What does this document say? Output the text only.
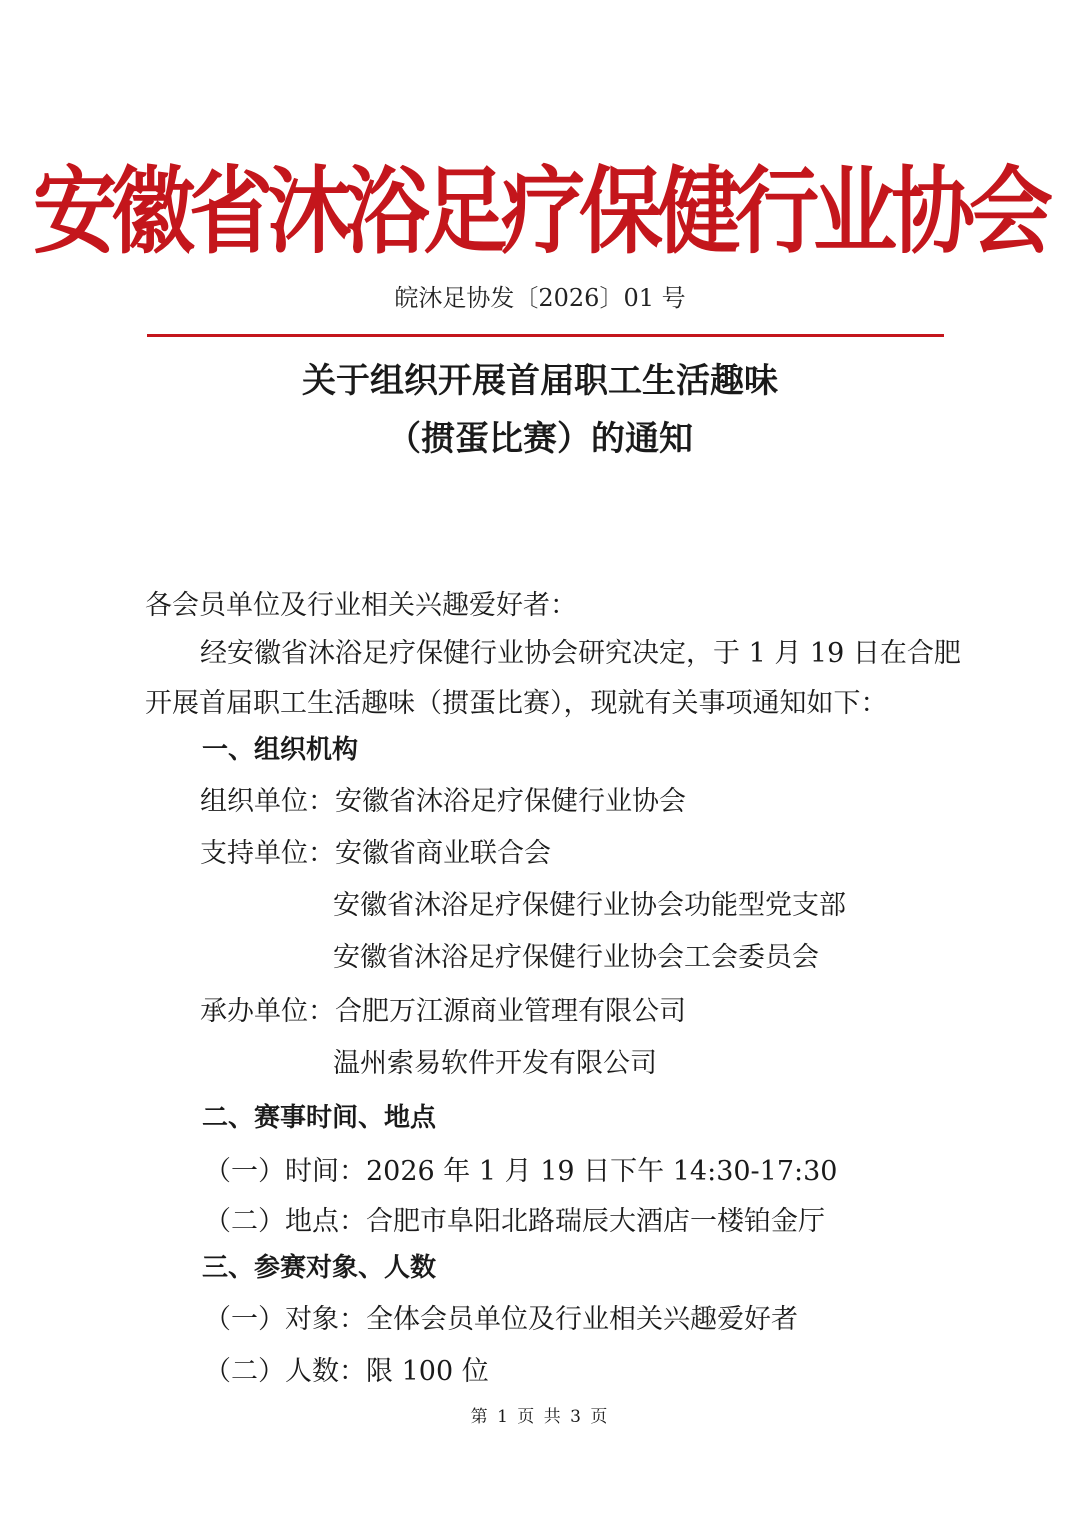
安徽省沐浴足疗保健行业协会
皖沐足协发〔2026〕01 号
关于组织开展首届职工生活趣味
（掼蛋比赛）的通知
各会员单位及行业相关兴趣爱好者：
经安徽省沐浴足疗保健行业协会研究决定，于 1 月 19 日在合肥
开展首届职工生活趣味（掼蛋比赛），现就有关事项通知如下：
一、组织机构
组织单位：安徽省沐浴足疗保健行业协会
支持单位：安徽省商业联合会
安徽省沐浴足疗保健行业协会功能型党支部
安徽省沐浴足疗保健行业协会工会委员会
承办单位：合肥万江源商业管理有限公司
温州索易软件开发有限公司
二、赛事时间、地点
（一）时间：2026 年 1 月 19 日下午 14:30-17:30
（二）地点：合肥市阜阳北路瑞辰大酒店一楼铂金厅
三、参赛对象、人数
（一）对象：全体会员单位及行业相关兴趣爱好者
（二）人数：限 100 位
第 1 页 共 3 页
